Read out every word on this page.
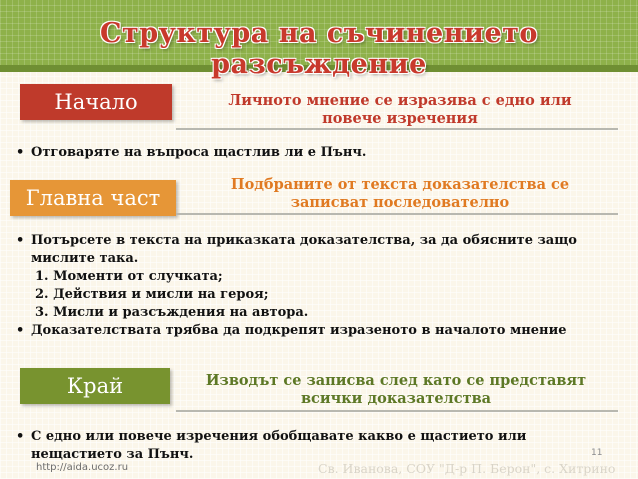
Структура на съчинението разсъждение
Начало	Личното мнение се изразява с едно или
повече изречения
• Отговаряте на въпроса щастлив ли е Пънч.
Главна част
Подбраните от текста доказателства се
записват последователно
• Потърсете в текста на приказката доказателства, за да обясните защо
мислите така.
1. Моменти от случката;
2. Действия и мисли на героя;
3. Мисли и разсъждения на автора.
• Доказателствата трябва да подкрепят изразеното в началото мнение
Край	Изводът се записва след като се представят
всички доказателства
• С едно или повече изречения обобщавате какво е щастието или
нещастието за Пънч.
http://aida.ucoz.ru	Св. Иванова, СОУ "Д-р П. Берон", с. Хитрино
11
